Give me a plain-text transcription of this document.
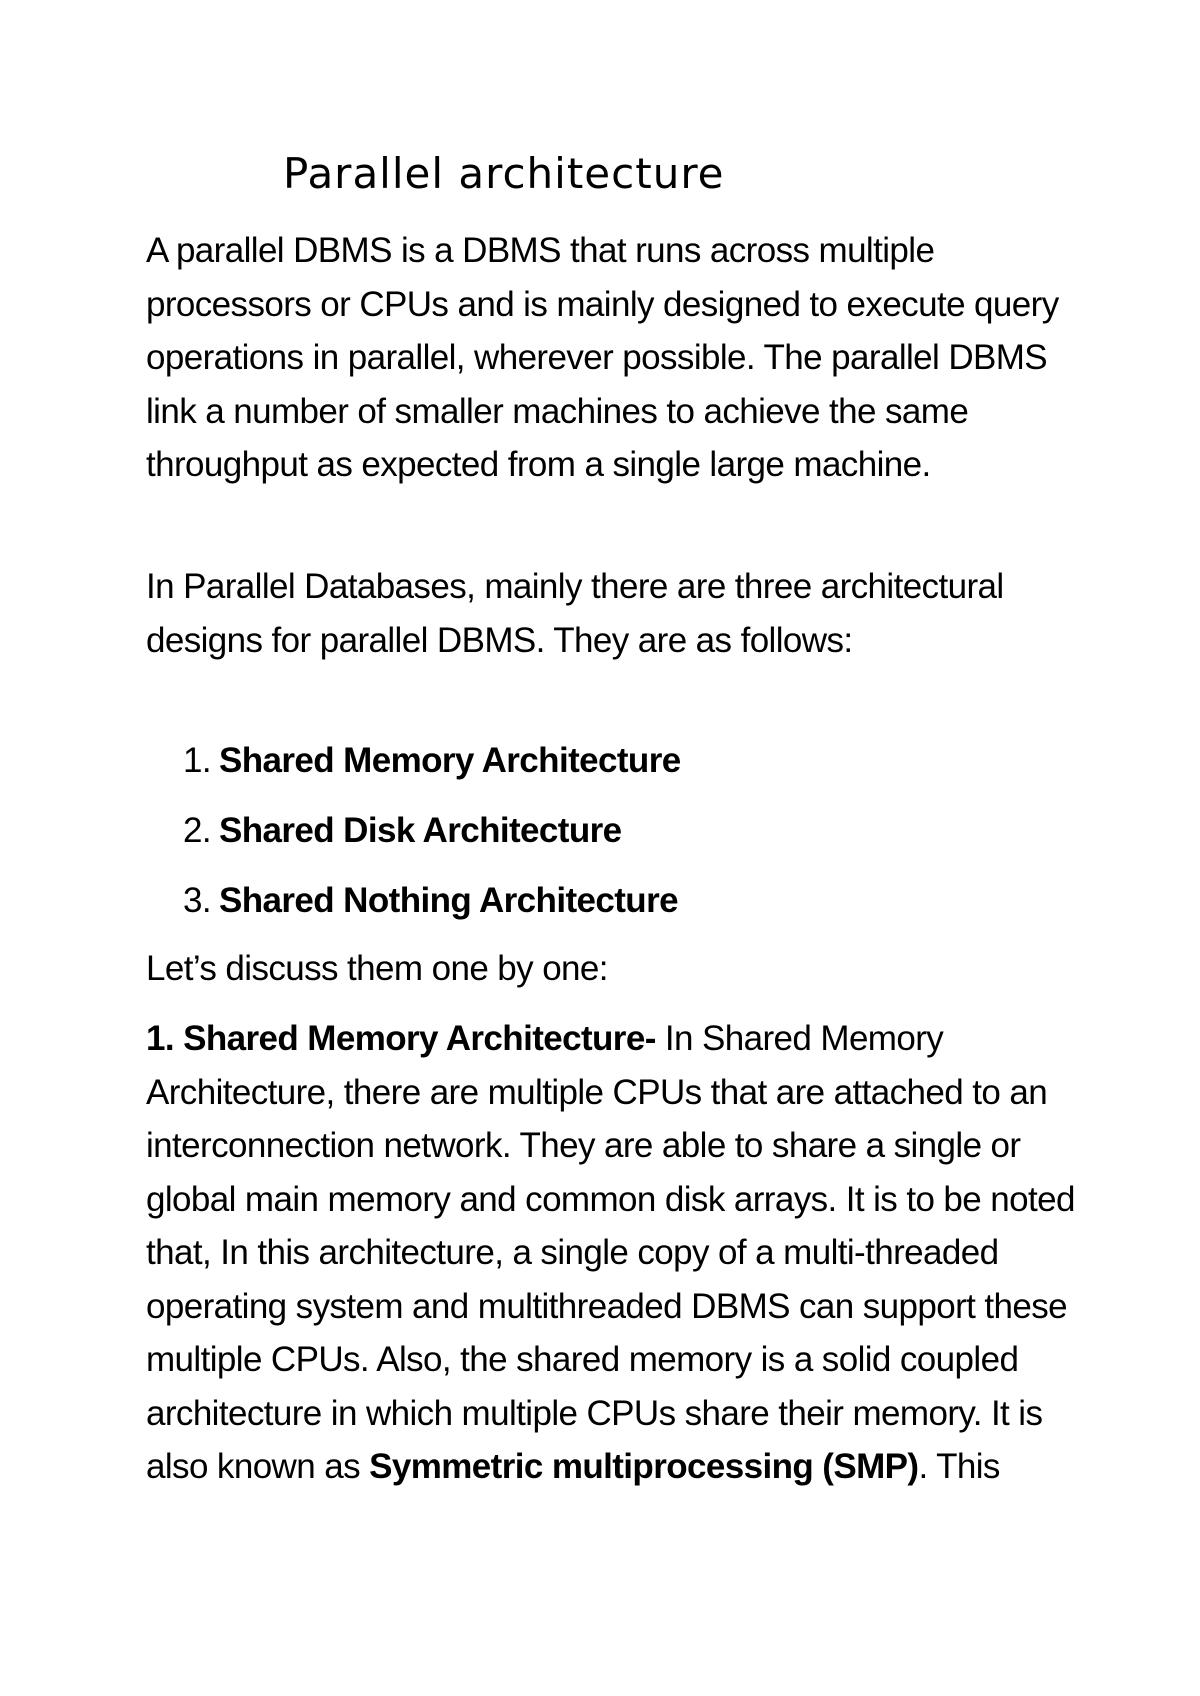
Parallel architecture
A parallel DBMS is a DBMS that runs across multiple processors or CPUs and is mainly designed to execute query operations in parallel, wherever possible. The parallel DBMS link a number of smaller machines to achieve the same throughput as expected from a single large machine.
In Parallel Databases, mainly there are three architectural designs for parallel DBMS. They are as follows:
1. Shared Memory Architecture
2. Shared Disk Architecture
3. Shared Nothing Architecture
Let’s discuss them one by one:
1. Shared Memory Architecture- In Shared Memory Architecture, there are multiple CPUs that are attached to an interconnection network. They are able to share a single or global main memory and common disk arrays. It is to be noted that, In this architecture, a single copy of a multi-threaded operating system and multithreaded DBMS can support these multiple CPUs. Also, the shared memory is a solid coupled architecture in which multiple CPUs share their memory. It is also known as Symmetric multiprocessing (SMP). This
